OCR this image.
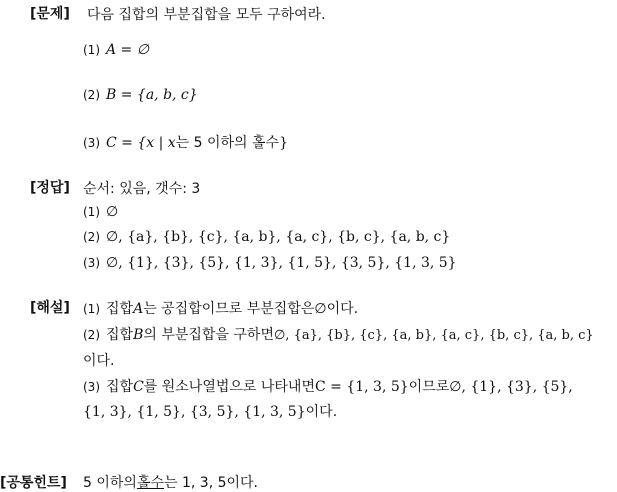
[문제] 다음 집합의 부분집합을 모두 구하여라.
(1) A = ∅
(2) B = {a, b, c}
(3) C = {x | x 는 5 이하의 홀수 }
[정답] 순서: 있음, 갯수: 3
(1) ∅
(2) ∅, {a}, {b}, {c}, {a, b}, {a, c}, {b, c}, {a, b, c}
(3) ∅, {1}, {3}, {5}, {1, 3}, {1, 5}, {3, 5}, {1, 3, 5}
[해설] (1) 집합 A 는 공집합이므로 부분집합은 ∅ 이다.
(2) 집합 B 의 부분집합을 구하면 ∅, {a}, {b}, {c}, {a, b}, {a, c}, {b, c}, {a, b, c}
이다.
(3) 집합 C 를 원소나열법으로 나타내면 C = {1, 3, 5} 이므로 ∅, {1}, {3}, {5},
{1, 3}, {1, 5}, {3, 5}, {1, 3, 5} 이다.
[공통힌트] 5 이하의 홀수 는 1, 3, 5이다.
